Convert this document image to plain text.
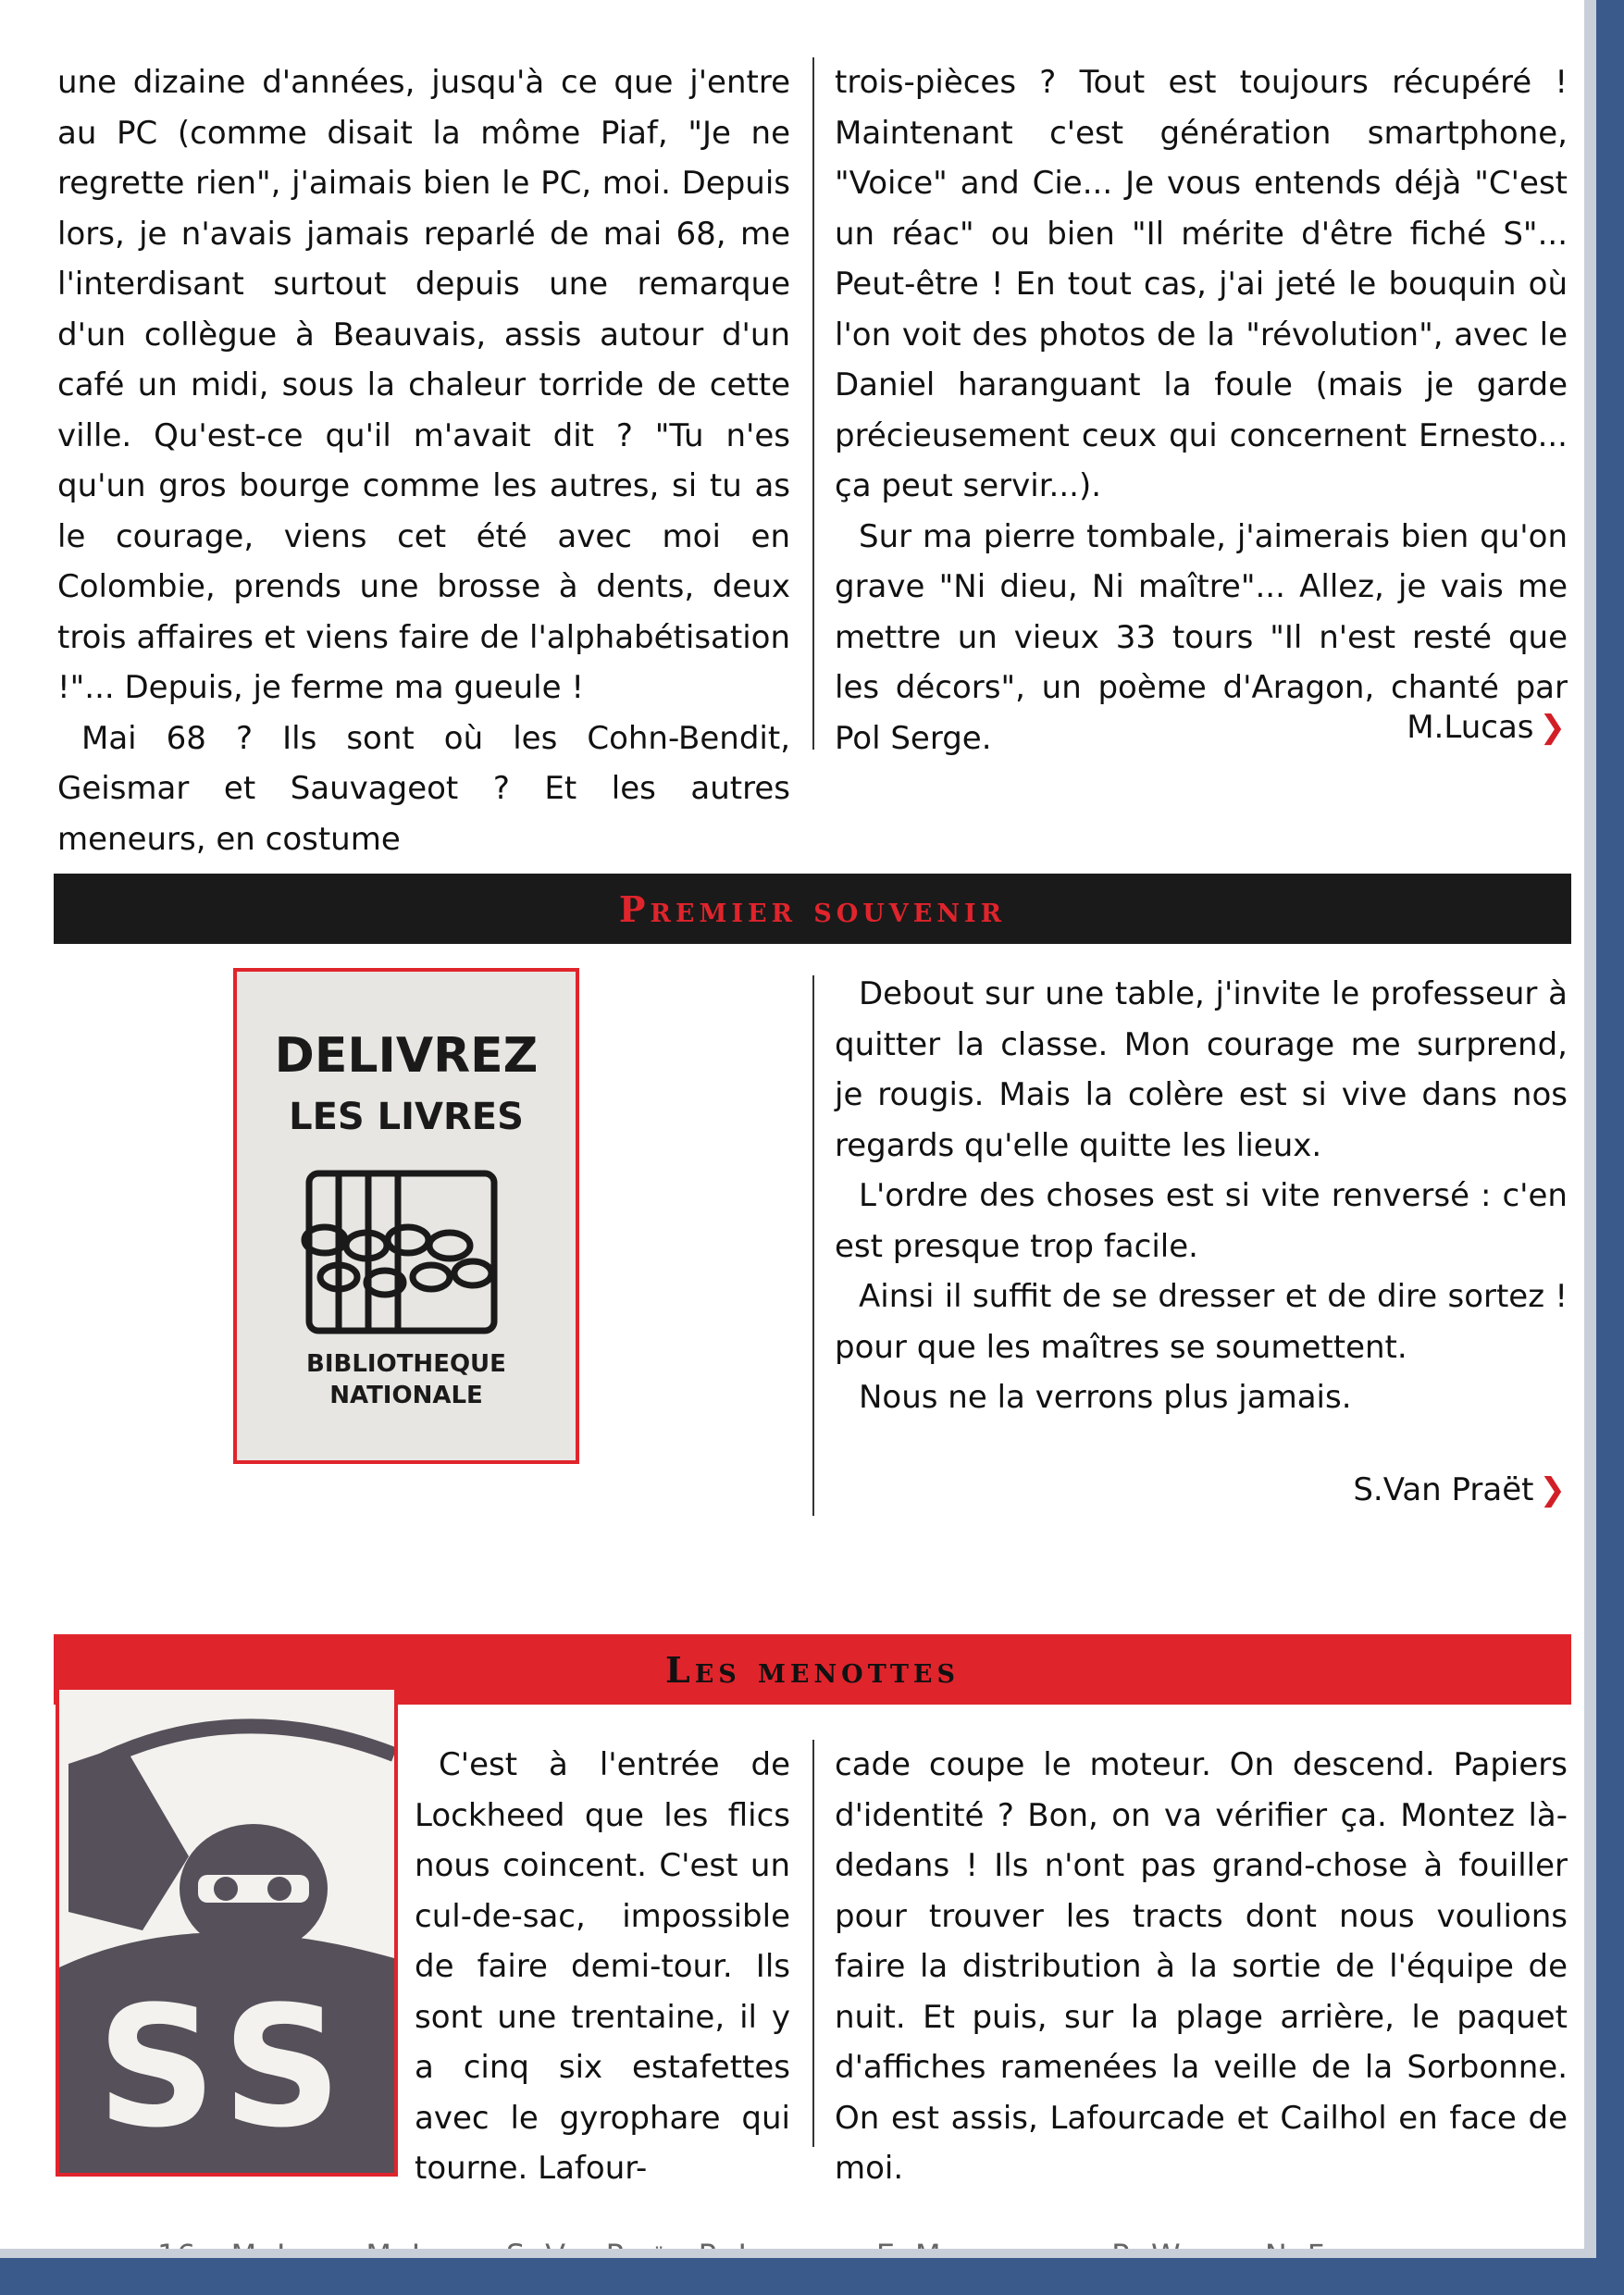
une dizaine d'années, jusqu'à ce que j'entre au PC (comme disait la môme Piaf, "Je ne regrette rien", j'aimais bien le PC, moi. Depuis lors, je n'avais jamais reparlé de mai 68, me l'interdisant surtout depuis une remarque d'un collègue à Beauvais, assis autour d'un café un midi, sous la chaleur torride de cette ville. Qu'est-ce qu'il m'avait dit ? "Tu n'es qu'un gros bourge comme les autres, si tu as le courage, viens cet été avec moi en Colombie, prends une brosse à dents, deux trois affaires et viens faire de l'alphabétisation !"... Depuis, je ferme ma gueule !

Mai 68 ? Ils sont où les Cohn-Bendit, Geismar et Sauvageot ? Et les autres meneurs, en costume

trois-pièces ? Tout est toujours récupéré ! Maintenant c'est génération smartphone, "Voice" and Cie... Je vous entends déjà "C'est un réac" ou bien "Il mérite d'être fiché S"... Peut-être ! En tout cas, j'ai jeté le bouquin où l'on voit des photos de la "révolution", avec le Daniel haranguant la foule (mais je garde précieusement ceux qui concernent Ernesto... ça peut servir...).

Sur ma pierre tombale, j'aimerais bien qu'on grave "Ni dieu, Ni maître"... Allez, je vais me mettre un vieux 33 tours "Il n'est resté que les décors", un poème d'Aragon, chanté par Pol Serge.	M.Lucas ❯
Premier souvenir
DELIVREZ
LES LIVRES
BIBLIOTHEQUE
NATIONALE

Debout sur une table, j'invite le professeur à quitter la classe. Mon courage me surprend, je rougis. Mais la colère est si vive dans nos regards qu'elle quitte les lieux.

L'ordre des choses est si vite renversé : c'en est presque trop facile.

Ainsi il suffit de se dresser et de dire sortez ! pour que les maîtres se soumettent.

Nous ne la verrons plus jamais.

S.Van Praët ❯
Les menottes
SS

C'est à l'entrée de Lockheed que les flics nous coincent. C'est un cul-de-sac, impossible de faire demi-tour. Ils sont une trentaine, il y a cinq six estafettes avec le gyrophare qui tourne. Lafour-

cade coupe le moteur. On descend. Papiers d'identité ? Bon, on va vérifier ça. Montez là-dedans ! Ils n'ont pas grand-chose à fouiller pour trouver les tracts dont nous voulions faire la distribution à la sortie de l'équipe de nuit. Et puis, sur la plage arrière, le paquet d'affiches ramenées la veille de la Sorbonne. On est assis, Lafourcade et Cailhol en face de moi.
